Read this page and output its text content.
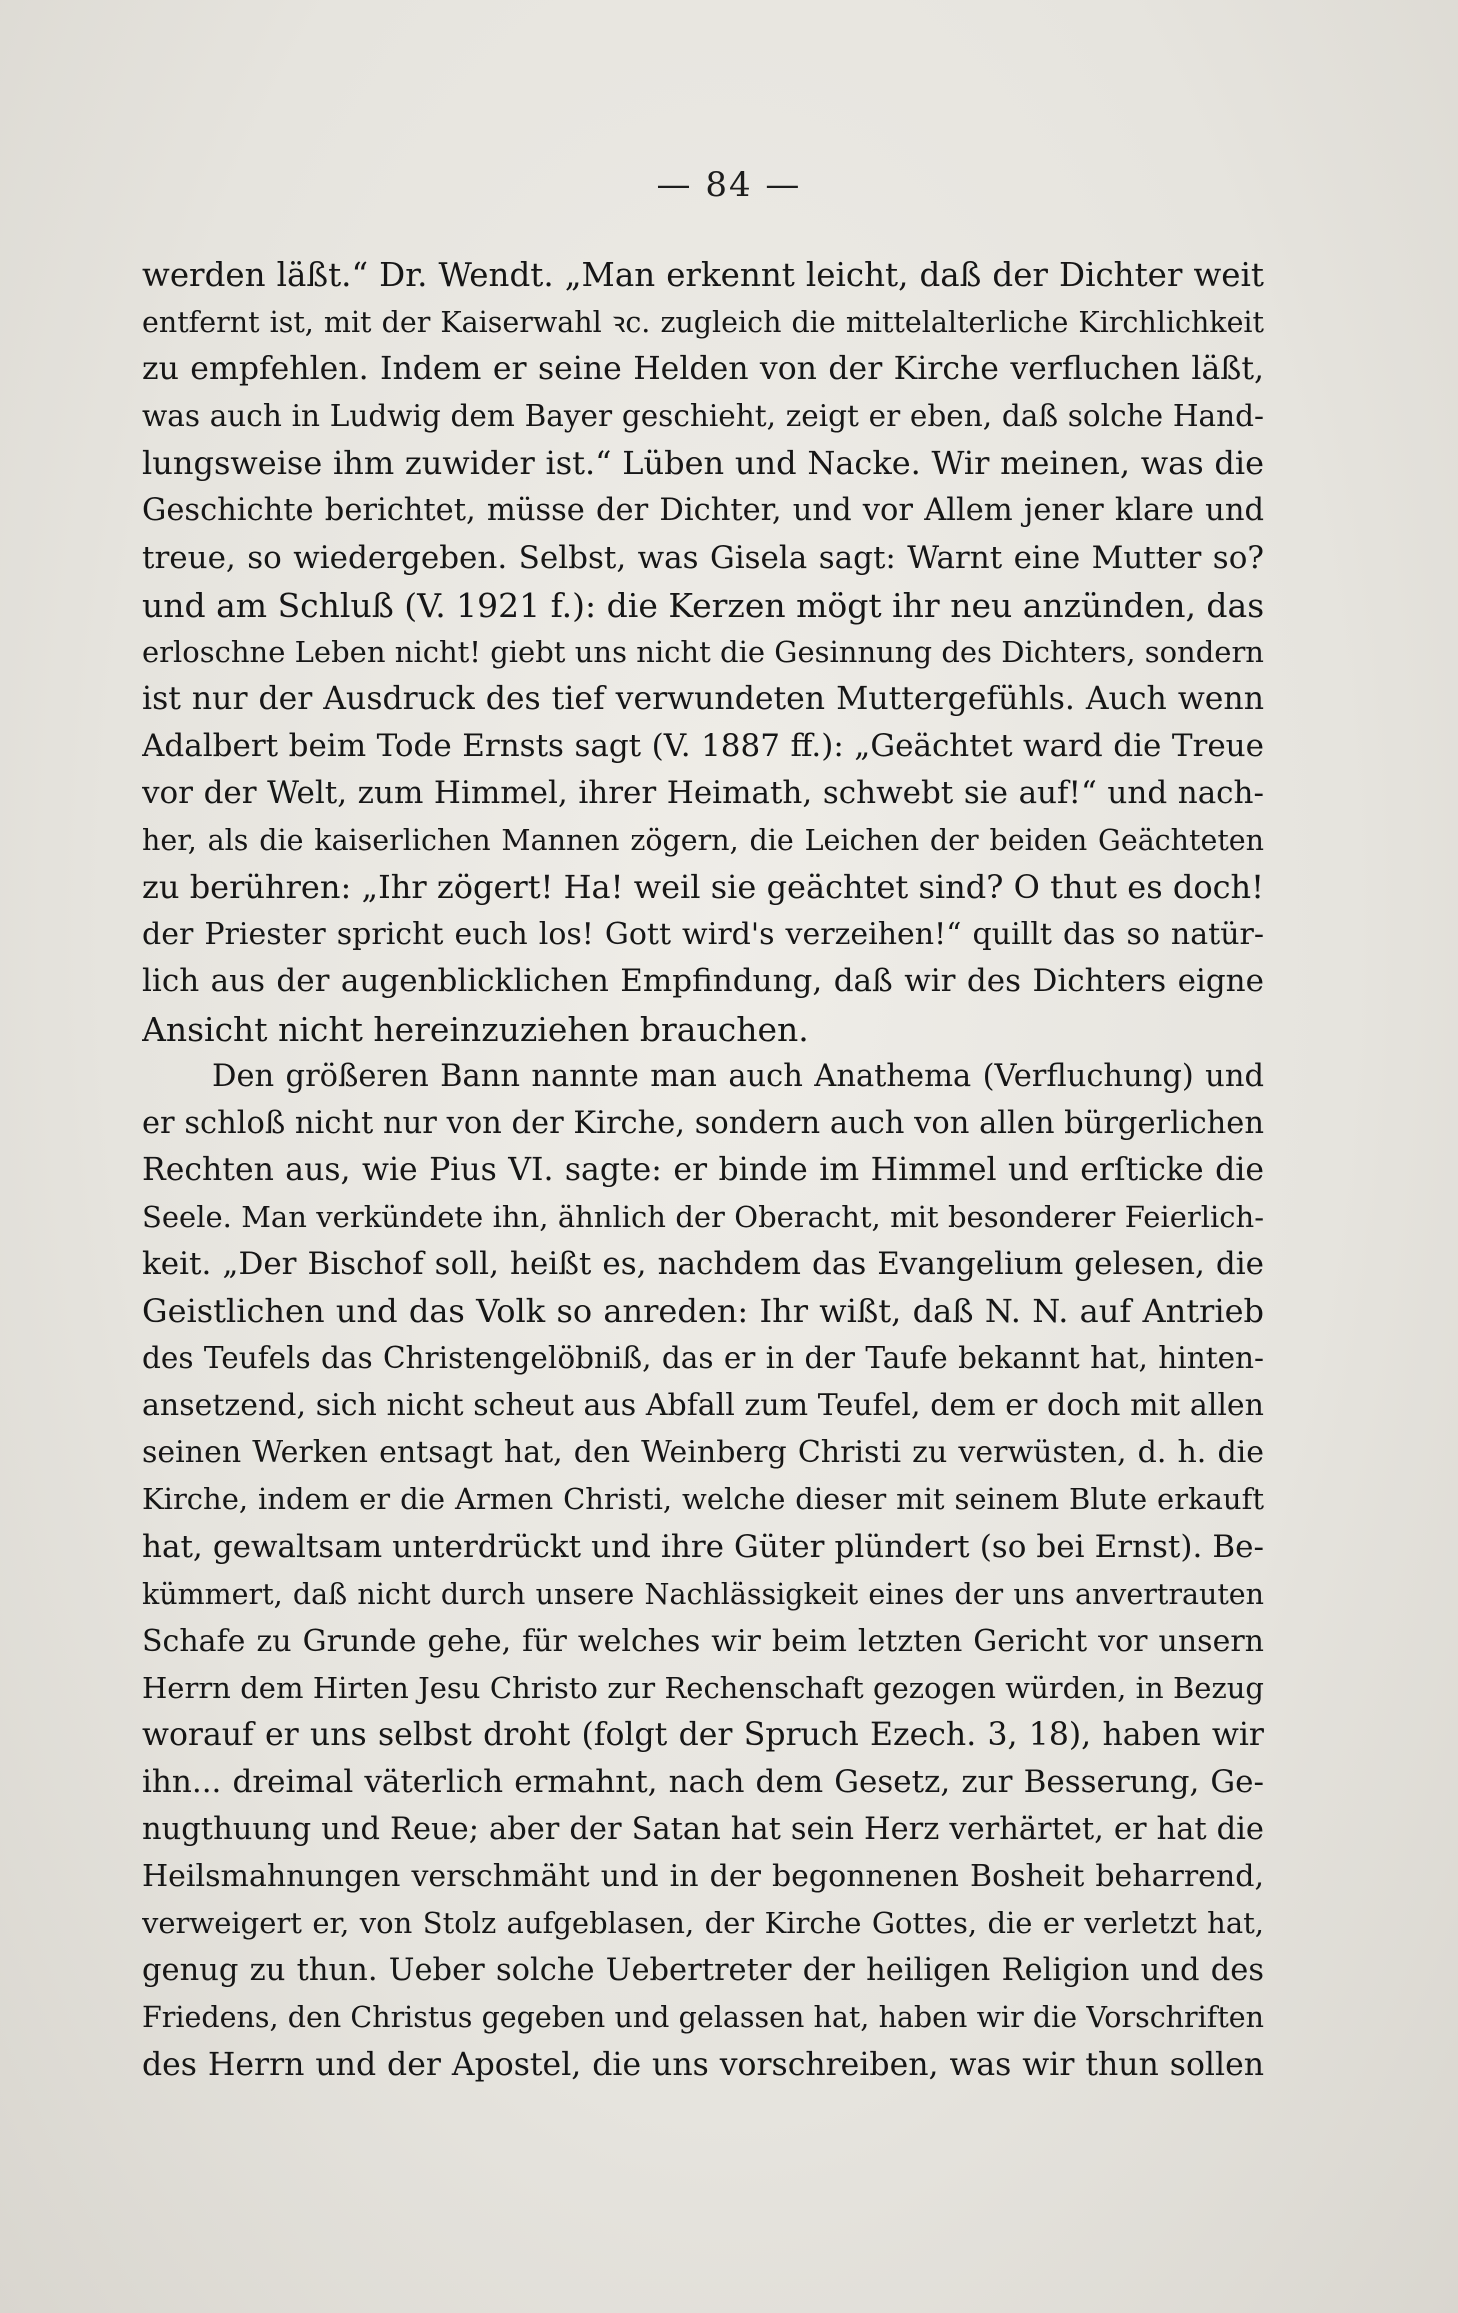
— 84 —
werden läßt.“ Dr. Wendt. „Man erkennt leicht, daß der Dichter weit
entfernt ist, mit der Kaiserwahl ꝛc. zugleich die mittelalterliche Kirchlichkeit
zu empfehlen. Indem er seine Helden von der Kirche verfluchen läßt,
was auch in Ludwig dem Bayer geschieht, zeigt er eben, daß solche Hand-
lungsweise ihm zuwider ist.“ Lüben und Nacke. Wir meinen, was die
Geschichte berichtet, müsse der Dichter, und vor Allem jener klare und
treue, so wiedergeben. Selbst, was Gisela sagt: Warnt eine Mutter so?
und am Schluß (V. 1921 f.): die Kerzen mögt ihr neu anzünden, das
erloschne Leben nicht! giebt uns nicht die Gesinnung des Dichters, sondern
ist nur der Ausdruck des tief verwundeten Muttergefühls. Auch wenn
Adalbert beim Tode Ernsts sagt (V. 1887 ff.): „Geächtet ward die Treue
vor der Welt, zum Himmel, ihrer Heimath, schwebt sie auf!“ und nach-
her, als die kaiserlichen Mannen zögern, die Leichen der beiden Geächteten
zu berühren: „Ihr zögert! Ha! weil sie geächtet sind? O thut es doch!
der Priester spricht euch los! Gott wird's verzeihen!“ quillt das so natür-
lich aus der augenblicklichen Empfindung, daß wir des Dichters eigne
Ansicht nicht hereinzuziehen brauchen.
Den größeren Bann nannte man auch Anathema (Verfluchung) und
er schloß nicht nur von der Kirche, sondern auch von allen bürgerlichen
Rechten aus, wie Pius VI. sagte: er binde im Himmel und erſticke die
Seele. Man verkündete ihn, ähnlich der Oberacht, mit besonderer Feierlich-
keit. „Der Bischof soll, heißt es, nachdem das Evangelium gelesen, die
Geistlichen und das Volk so anreden: Ihr wißt, daß N. N. auf Antrieb
des Teufels das Christengelöbniß, das er in der Taufe bekannt hat, hinten-
ansetzend, sich nicht scheut aus Abfall zum Teufel, dem er doch mit allen
seinen Werken entsagt hat, den Weinberg Christi zu verwüsten, d. h. die
Kirche, indem er die Armen Christi, welche dieser mit seinem Blute erkauft
hat, gewaltsam unterdrückt und ihre Güter plündert (so bei Ernst). Be-
kümmert, daß nicht durch unsere Nachlässigkeit eines der uns anvertrauten
Schafe zu Grunde gehe, für welches wir beim letzten Gericht vor unsern
Herrn dem Hirten Jesu Christo zur Rechenschaft gezogen würden, in Bezug
worauf er uns selbst droht (folgt der Spruch Ezech. 3, 18), haben wir
ihn... dreimal väterlich ermahnt, nach dem Gesetz, zur Besserung, Ge-
nugthuung und Reue; aber der Satan hat sein Herz verhärtet, er hat die
Heilsmahnungen verschmäht und in der begonnenen Bosheit beharrend,
verweigert er, von Stolz aufgeblasen, der Kirche Gottes, die er verletzt hat,
genug zu thun. Ueber solche Uebertreter der heiligen Religion und des
Friedens, den Christus gegeben und gelassen hat, haben wir die Vorschriften
des Herrn und der Apostel, die uns vorschreiben, was wir thun sollen
